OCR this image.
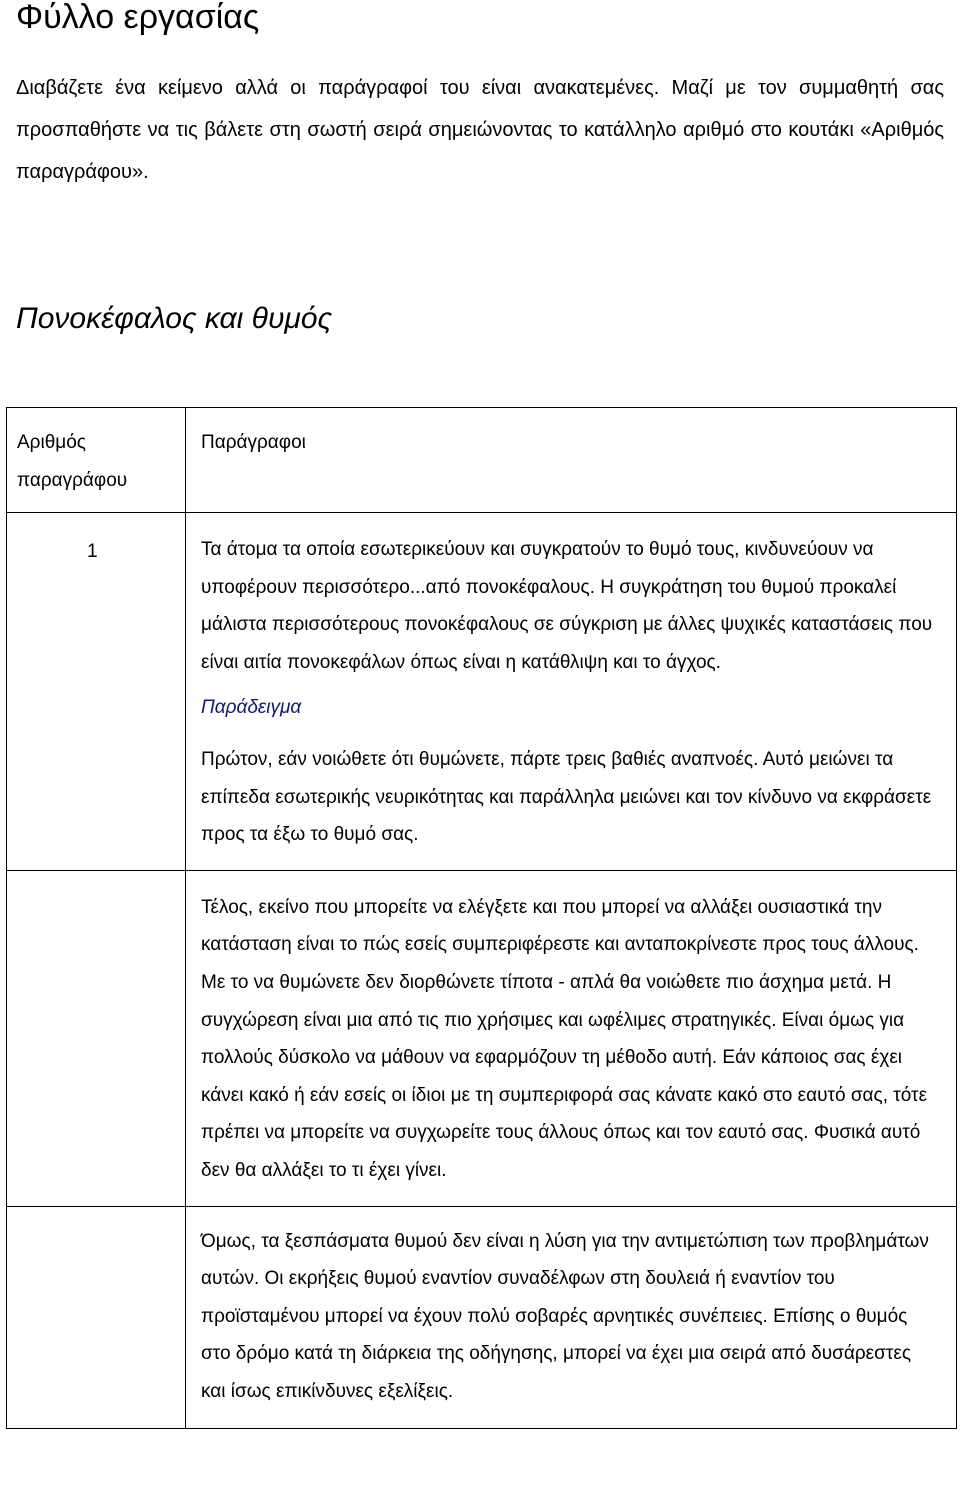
Φύλλο εργασίας

Διαβάζετε ένα κείμενο αλλά οι παράγραφοί του είναι ανακατεμένες. Μαζί με τον συμμαθητή σας προσπαθήστε να τις βάλετε στη σωστή σειρά σημειώνοντας το κατάλληλο αριθμό στο κουτάκι «Αριθμός παραγράφου».

Πονοκέφαλος και θυμός
Αριθμός παραγράφου	Παράγραφοι
1	Τα άτομα τα οποία εσωτερικεύουν και συγκρατούν το θυμό τους, κινδυνεύουν να υποφέρουν περισσότερο...από πονοκέφαλους. Η συγκράτηση του θυμού προκαλεί μάλιστα περισσότερους πονοκέφαλους σε σύγκριση με άλλες ψυχικές καταστάσεις που είναι αιτία πονοκεφάλων όπως είναι η κατάθλιψη και το άγχος.

Παράδειγμα

Πρώτον, εάν νοιώθετε ότι θυμώνετε, πάρτε τρεις βαθιές αναπνοές. Αυτό μειώνει τα επίπεδα εσωτερικής νευρικότητας και παράλληλα μειώνει και τον κίνδυνο να εκφράσετε προς τα έξω το θυμό σας.

	Τέλος, εκείνο που μπορείτε να ελέγξετε και που μπορεί να αλλάξει ουσιαστικά την κατάσταση είναι το πώς εσείς συμπεριφέρεστε και ανταποκρίνεστε προς τους άλλους. Με το να θυμώνετε δεν διορθώνετε τίποτα - απλά θα νοιώθετε πιο άσχημα μετά. Η συγχώρεση είναι μια από τις πιο χρήσιμες και ωφέλιμες στρατηγικές. Είναι όμως για πολλούς δύσκολο να μάθουν να εφαρμόζουν τη μέθοδο αυτή. Εάν κάποιος σας έχει κάνει κακό ή εάν εσείς οι ίδιοι με τη συμπεριφορά σας κάνατε κακό στο εαυτό σας, τότε πρέπει να μπορείτε να συγχωρείτε τους άλλους όπως και τον εαυτό σας. Φυσικά αυτό δεν θα αλλάξει το τι έχει γίνει.

	Όμως, τα ξεσπάσματα θυμού δεν είναι η λύση για την αντιμετώπιση των προβλημάτων αυτών. Οι εκρήξεις θυμού εναντίον συναδέλφων στη δουλειά ή εναντίον του προϊσταμένου μπορεί να έχουν πολύ σοβαρές αρνητικές συνέπειες. Επίσης ο θυμός στο δρόμο κατά τη διάρκεια της οδήγησης, μπορεί να έχει μια σειρά από δυσάρεστες και ίσως επικίνδυνες εξελίξεις.
